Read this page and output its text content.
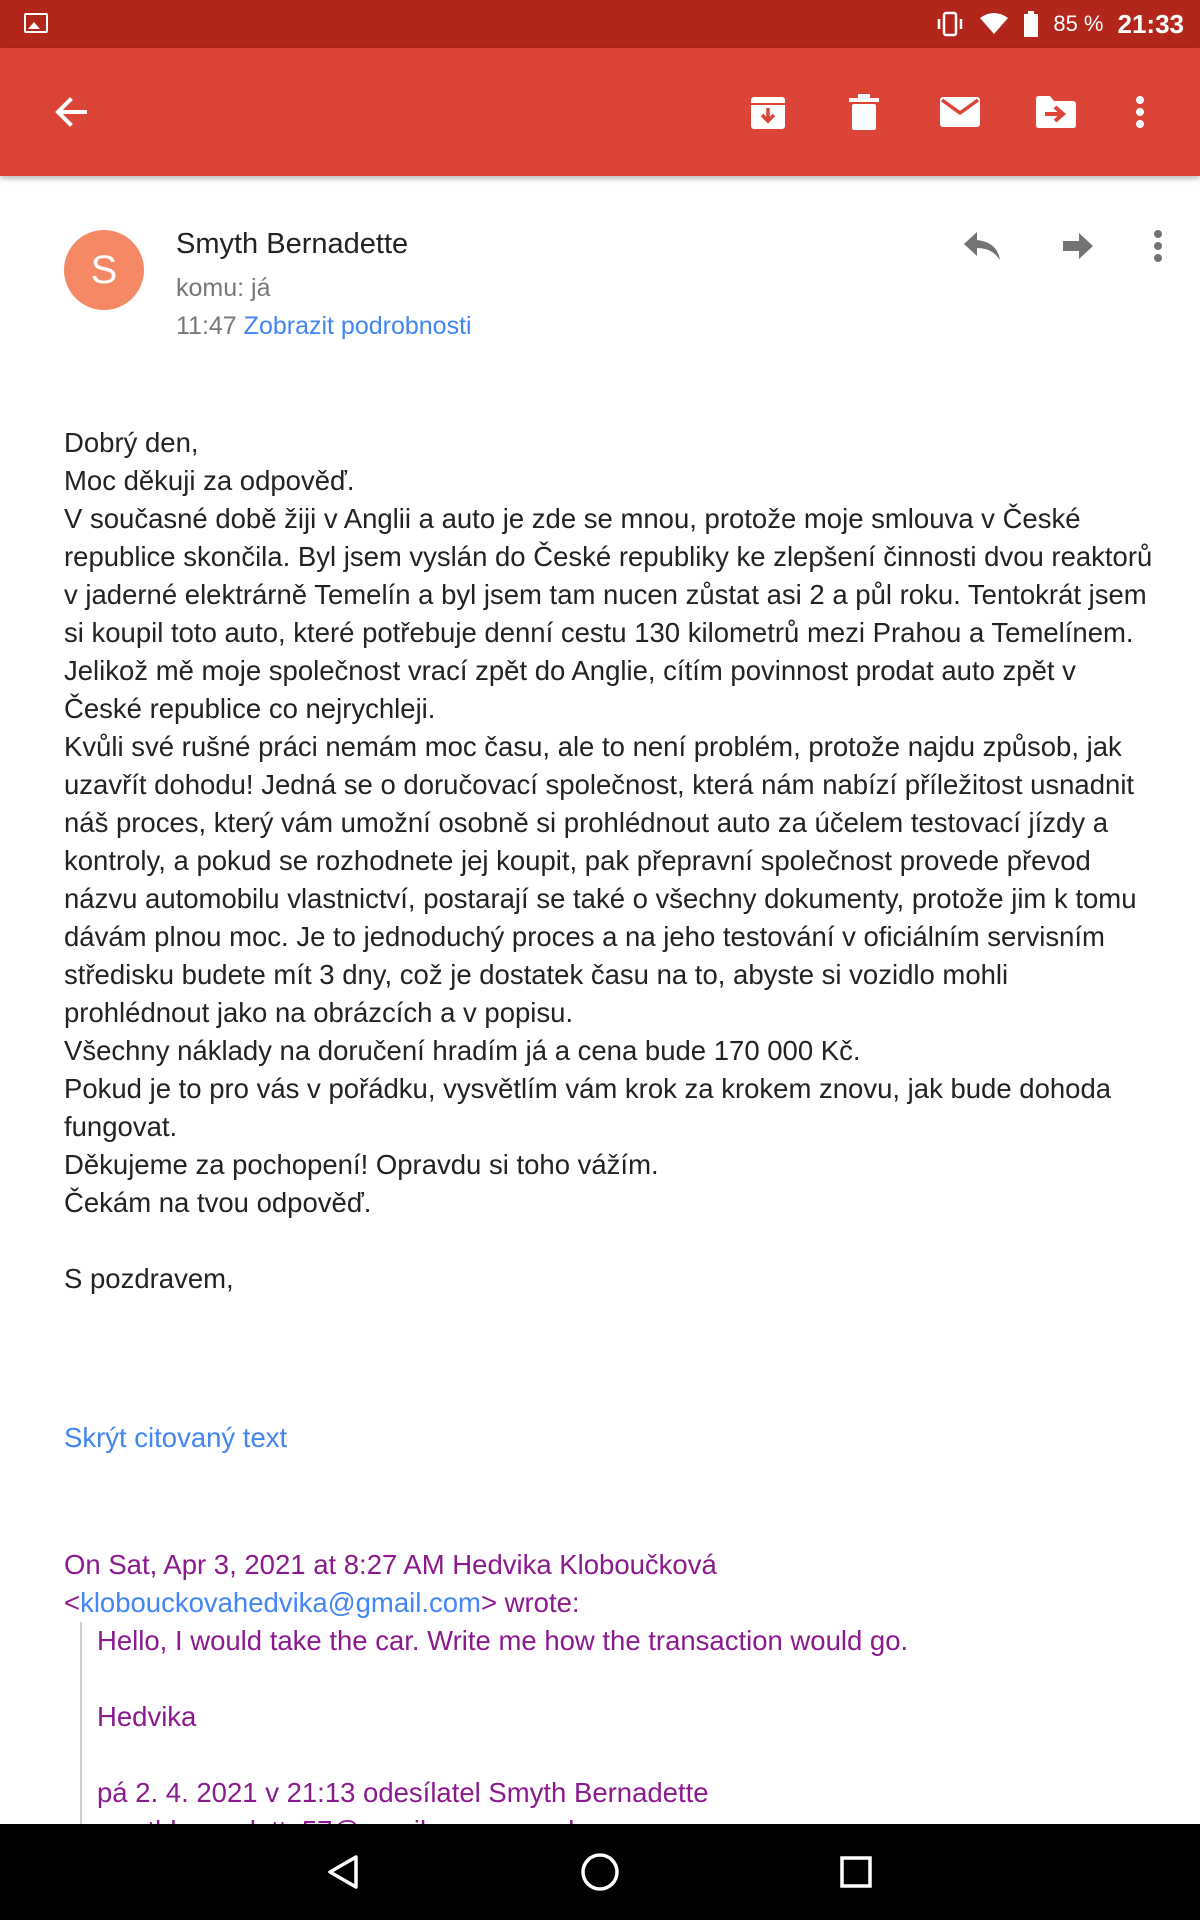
85 % 21:33
S
Smyth Bernadette
komu: já
11:47 Zobrazit podrobnosti

Dobrý den,

Moc děkuji za odpověď.

V současné době žiji v Anglii a auto je zde se mnou, protože moje smlouva v České republice skončila. Byl jsem vyslán do České republiky ke zlepšení činnosti dvou reaktorů v jaderné elektrárně Temelín a byl jsem tam nucen zůstat asi 2 a půl roku. Tentokrát jsem si koupil toto auto, které potřebuje denní cestu 130 kilometrů mezi Prahou a Temelínem. Jelikož mě moje společnost vrací zpět do Anglie, cítím povinnost prodat auto zpět v České republice co nejrychleji.

Kvůli své rušné práci nemám moc času, ale to není problém, protože najdu způsob, jak uzavřít dohodu! Jedná se o doručovací společnost, která nám nabízí příležitost usnadnit náš proces, který vám umožní osobně si prohlédnout auto za účelem testovací jízdy a kontroly, a pokud se rozhodnete jej koupit, pak přepravní společnost provede převod názvu automobilu vlastnictví, postarají se také o všechny dokumenty, protože jim k tomu dávám plnou moc. Je to jednoduchý proces a na jeho testování v oficiálním servisním středisku budete mít 3 dny, což je dostatek času na to, abyste si vozidlo mohli prohlédnout jako na obrázcích a v popisu.

Všechny náklady na doručení hradím já a cena bude 170 000 Kč.

Pokud je to pro vás v pořádku, vysvětlím vám krok za krokem znovu, jak bude dohoda fungovat.

Děkujeme za pochopení! Opravdu si toho vážím.

Čekám na tvou odpověď.

S pozdravem,

Skrýt citovaný text
On Sat, Apr 3, 2021 at 8:27 AM Hedvika Kloboučková
<klobouckovahedvika@gmail.com> wrote:

Hello, I would take the car. Write me how the transaction would go.

Hedvika

pá 2. 4. 2021 v 21:13 odesílatel Smyth Bernadette
